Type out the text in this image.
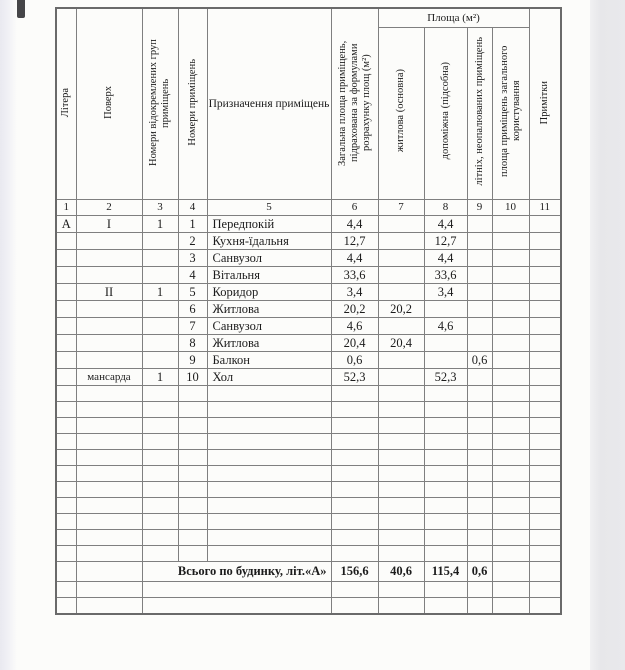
Літера	Поверх	Номери відокремлених груп приміщень	Номери приміщень	Призначення приміщень	Загальна площа приміщень, підрахована за формулами розрахунку площ (м²)	Площа (м²)				Примітки
						житлова (основна)	допоміжна (підсобна)	літніх, неопалюваних приміщень	площа приміщень загального користування	
1	2	3	4	5	6	7	8	9	10	11
А	І	1	1	Передпокій	4,4		4,4			
			2	Кухня-їдальня	12,7		12,7			
			3	Санвузол	4,4		4,4			
			4	Вітальня	33,6		33,6			
	ІІ	1	5	Коридор	3,4		3,4			
			6	Житлова	20,2	20,2				
			7	Санвузол	4,6		4,6			
			8	Житлова	20,4	20,4				
			9	Балкон	0,6			0,6		
	мансарда	1	10	Хол	52,3		52,3			

		Всього по будинку, літ.«А»			156,6	40,6	115,4	0,6		
